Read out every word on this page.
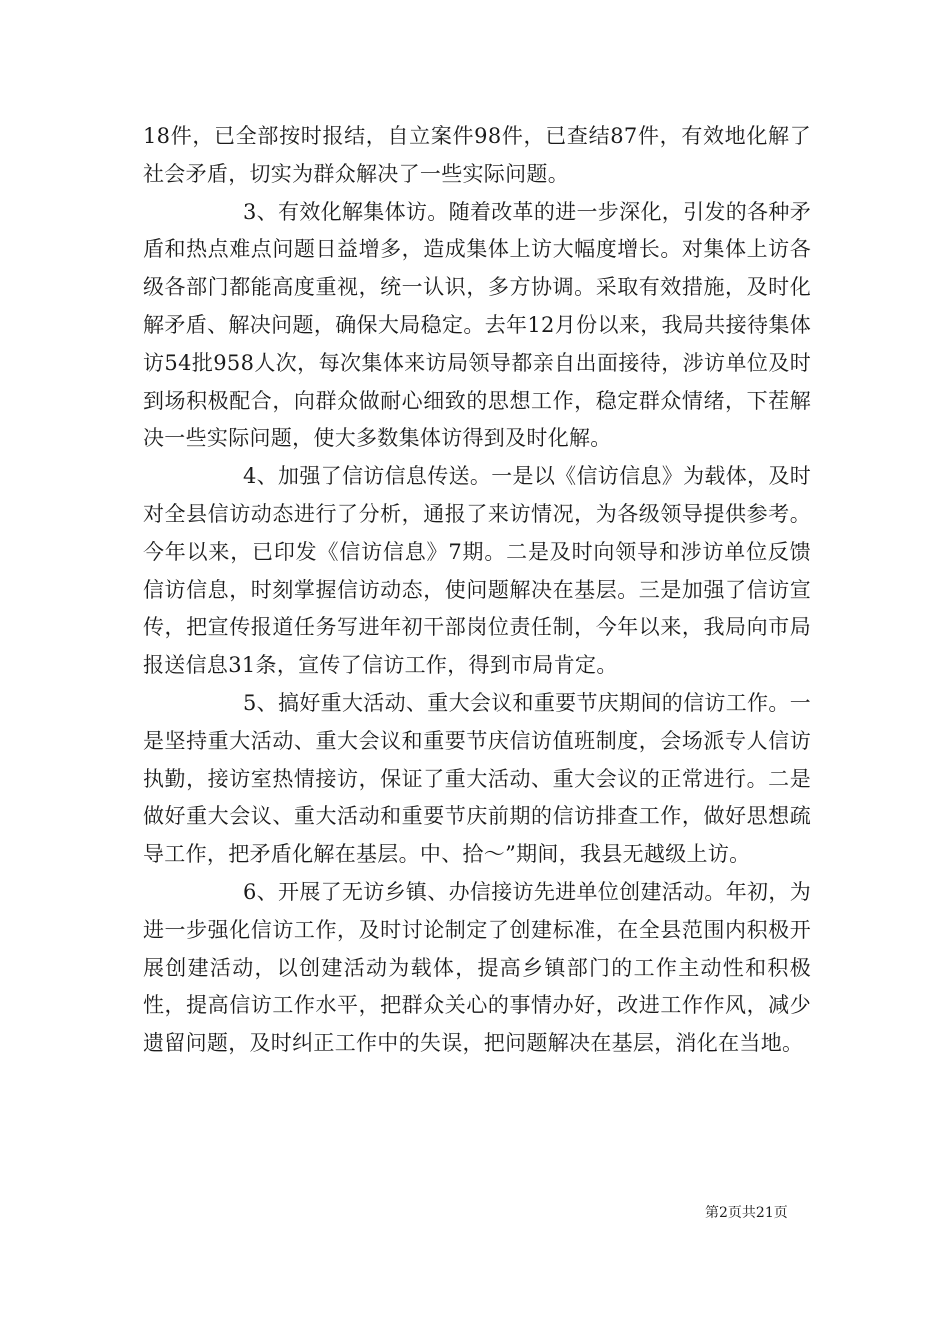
18件，已全部按时报结，自立案件98件，已查结87件，有效地化解了社会矛盾，切实为群众解决了一些实际问题。

3、有效化解集体访。随着改革的进一步深化，引发的各种矛盾和热点难点问题日益增多，造成集体上访大幅度增长。对集体上访各级各部门都能高度重视，统一认识，多方协调。采取有效措施，及时化解矛盾、解决问题，确保大局稳定。去年12月份以来，我局共接待集体访54批958人次，每次集体来访局领导都亲自出面接待，涉访单位及时到场积极配合，向群众做耐心细致的思想工作，稳定群众情绪，下茬解决一些实际问题，使大多数集体访得到及时化解。

4、加强了信访信息传送。一是以《信访信息》为载体，及时对全县信访动态进行了分析，通报了来访情况，为各级领导提供参考。今年以来，已印发《信访信息》7期。二是及时向领导和涉访单位反馈信访信息，时刻掌握信访动态，使问题解决在基层。三是加强了信访宣传，把宣传报道任务写进年初干部岗位责任制，今年以来，我局向市局报送信息31条，宣传了信访工作，得到市局肯定。

5、搞好重大活动、重大会议和重要节庆期间的信访工作。一是坚持重大活动、重大会议和重要节庆信访值班制度，会场派专人信访执勤，接访室热情接访，保证了重大活动、重大会议的正常进行。二是做好重大会议、重大活动和重要节庆前期的信访排查工作，做好思想疏导工作，把矛盾化解在基层。中、拾～”期间，我县无越级上访。

6、开展了无访乡镇、办信接访先进单位创建活动。年初，为进一步强化信访工作，及时讨论制定了创建标准，在全县范围内积极开展创建活动，以创建活动为载体，提高乡镇部门的工作主动性和积极性，提高信访工作水平，把群众关心的事情办好，改进工作作风，减少遗留问题，及时纠正工作中的失误，把问题解决在基层，消化在当地。

第2页共21页
